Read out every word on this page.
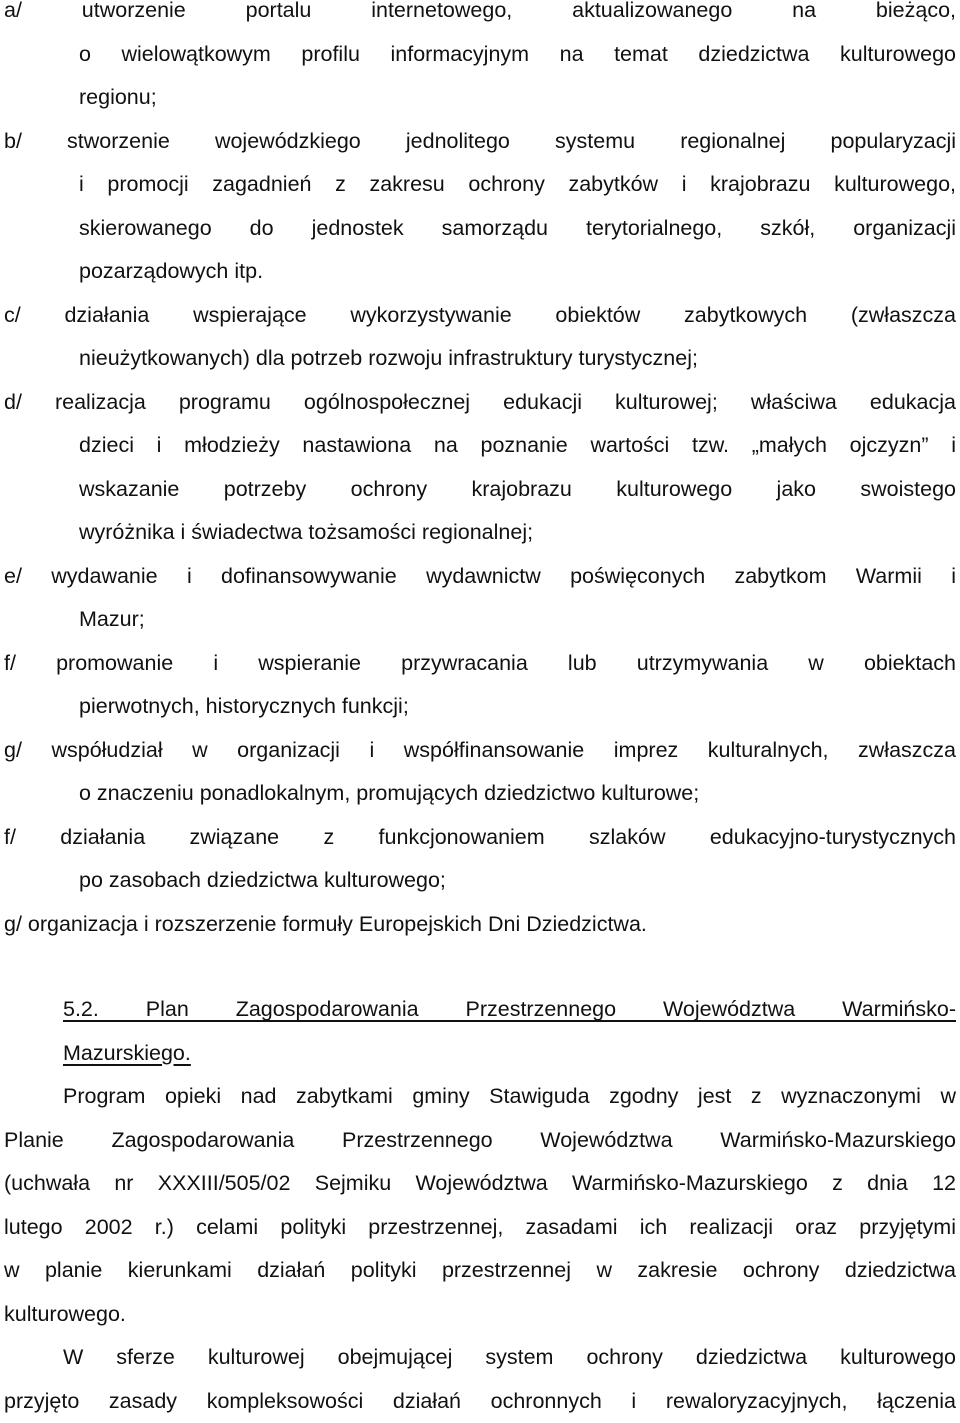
a/ utworzenie portalu internetowego, aktualizowanego na bieżąco,
o wielowątkowym profilu informacyjnym na temat dziedzictwa kulturowego
regionu;
b/ stworzenie wojewódzkiego jednolitego systemu regionalnej popularyzacji
i promocji zagadnień z zakresu ochrony zabytków i krajobrazu kulturowego,
skierowanego do jednostek samorządu terytorialnego, szkół, organizacji
pozarządowych itp.
c/ działania wspierające wykorzystywanie obiektów zabytkowych (zwłaszcza
nieużytkowanych) dla potrzeb rozwoju infrastruktury turystycznej;
d/ realizacja programu ogólnospołecznej edukacji kulturowej; właściwa edukacja
dzieci i młodzieży nastawiona na poznanie wartości tzw. „małych ojczyzn” i
wskazanie potrzeby ochrony krajobrazu kulturowego jako swoistego
wyróżnika i świadectwa tożsamości regionalnej;
e/ wydawanie i dofinansowywanie wydawnictw poświęconych zabytkom Warmii i
Mazur;
f/ promowanie i wspieranie przywracania lub utrzymywania w obiektach
pierwotnych, historycznych funkcji;
g/ współudział w organizacji i współfinansowanie imprez kulturalnych, zwłaszcza
o znaczeniu ponadlokalnym, promujących dziedzictwo kulturowe;
f/ działania związane z funkcjonowaniem szlaków edukacyjno-turystycznych
po zasobach dziedzictwa kulturowego;
g/ organizacja i rozszerzenie formuły Europejskich Dni Dziedzictwa.
5.2. Plan Zagospodarowania Przestrzennego Województwa Warmińsko-
Mazurskiego.
Program opieki nad zabytkami gminy Stawiguda zgodny jest z wyznaczonymi w
Planie Zagospodarowania Przestrzennego Województwa Warmińsko-Mazurskiego
(uchwała nr XXXIII/505/02 Sejmiku Województwa Warmińsko-Mazurskiego z dnia 12
lutego 2002 r.) celami polityki przestrzennej, zasadami ich realizacji oraz przyjętymi
w planie kierunkami działań polityki przestrzennej w zakresie ochrony dziedzictwa
kulturowego.
W sferze kulturowej obejmującej system ochrony dziedzictwa kulturowego
przyjęto zasady kompleksowości działań ochronnych i rewaloryzacyjnych, łączenia
